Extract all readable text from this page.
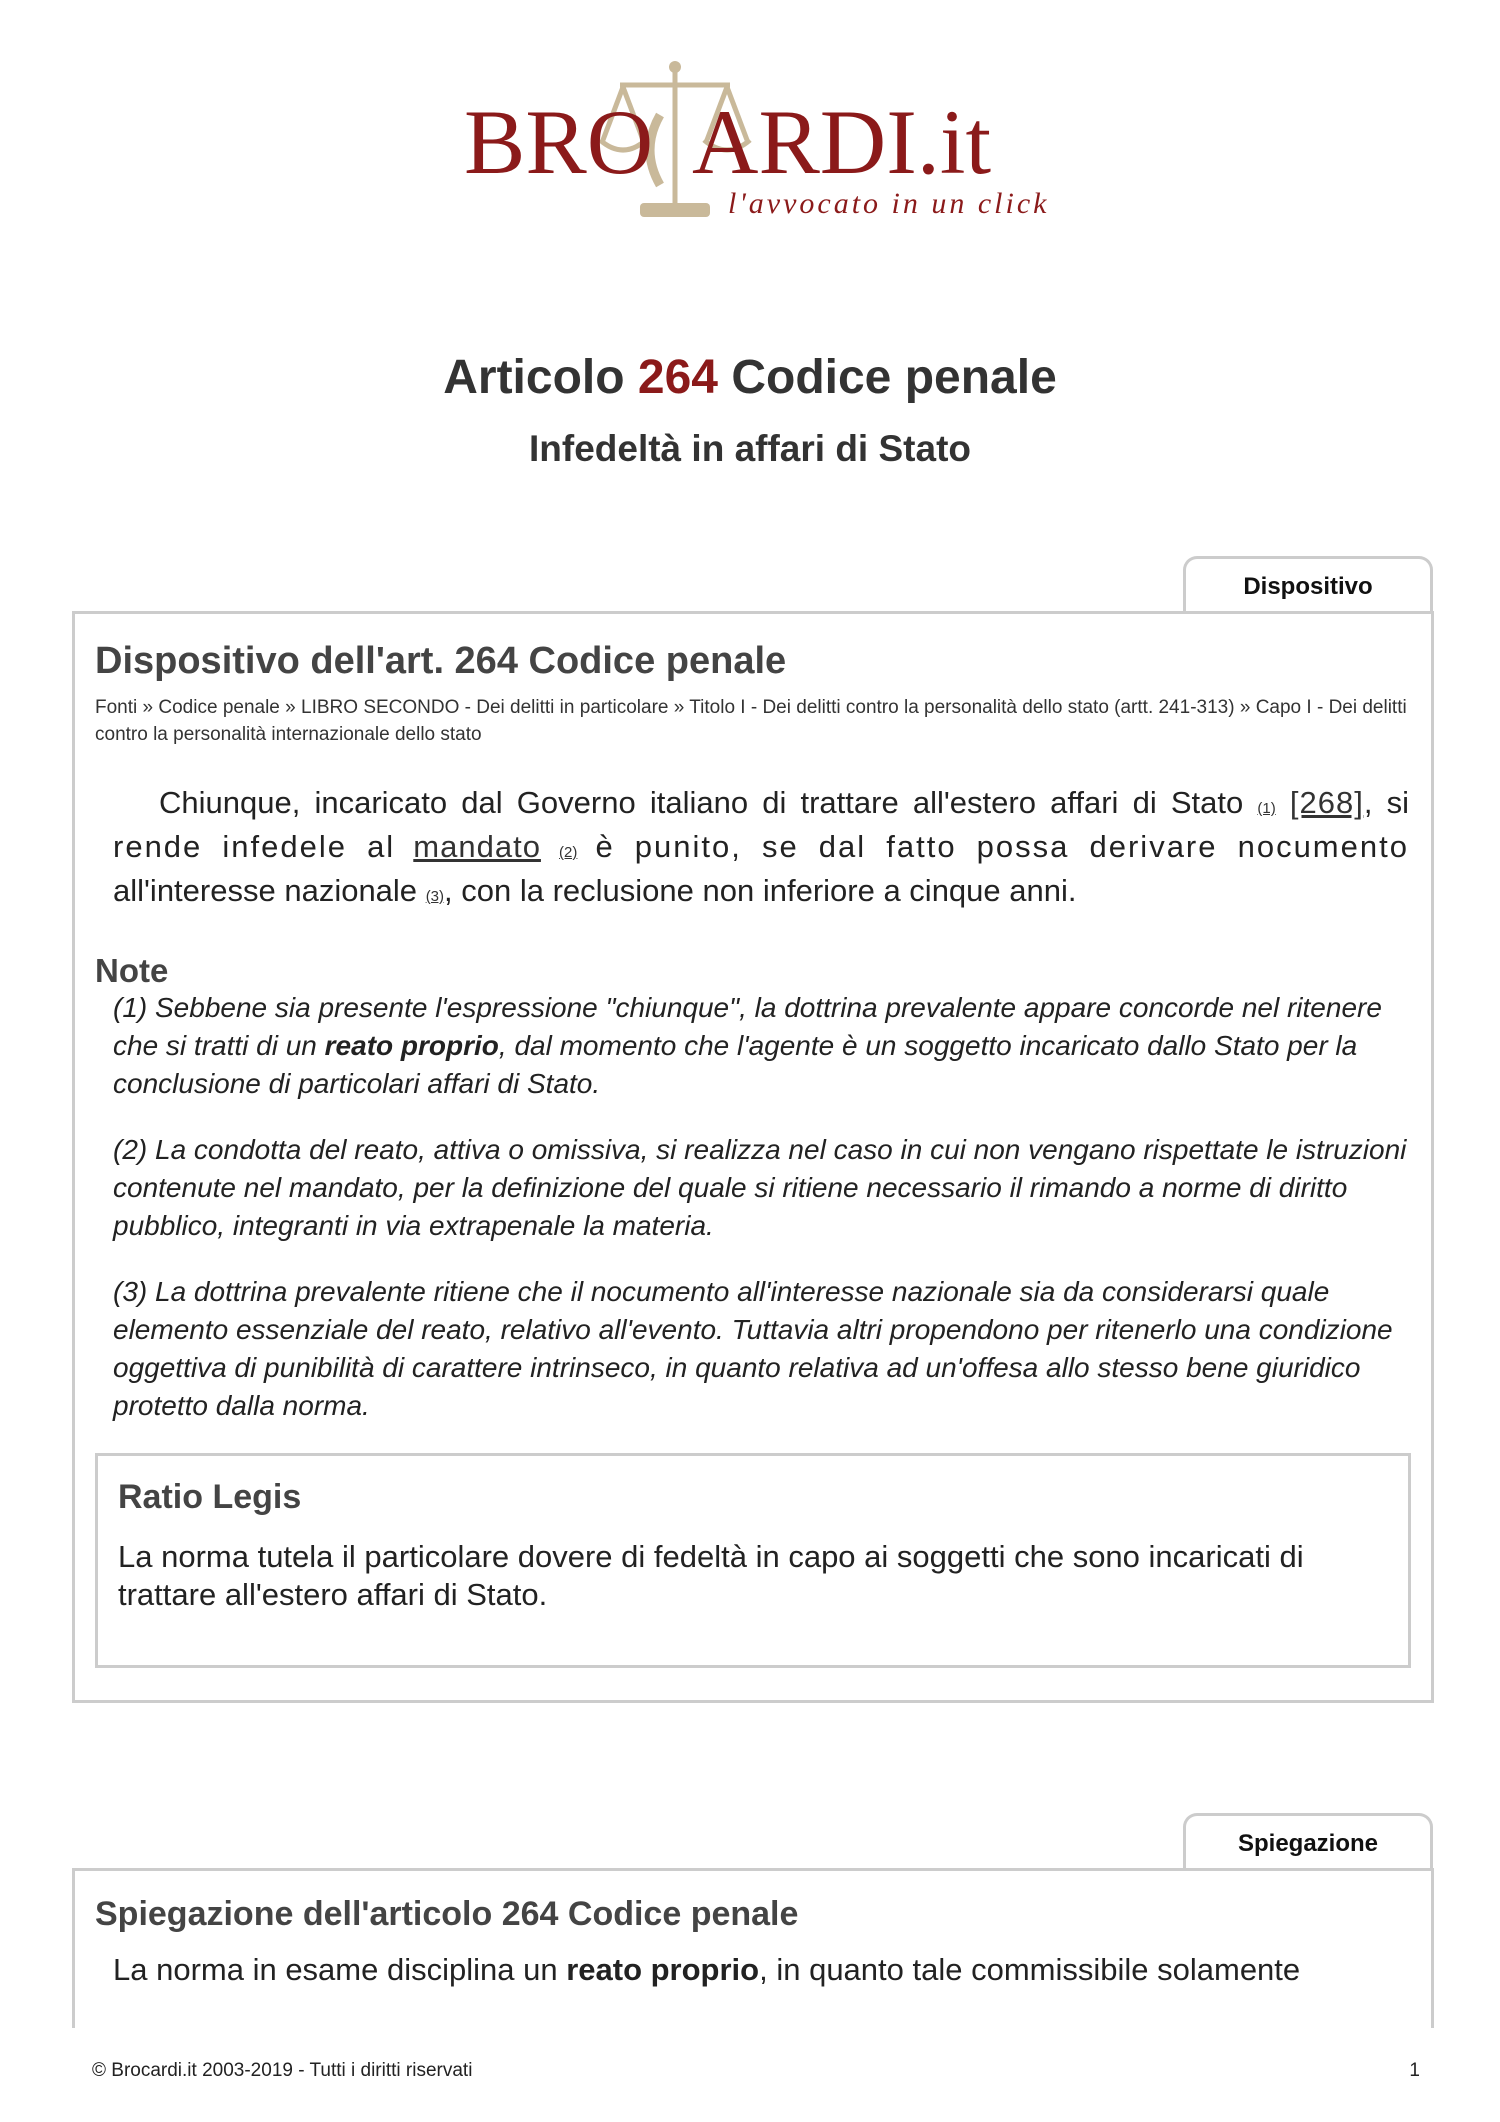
BRO ARDI.it
l'avvocato in un click
Articolo 264 Codice penale
Infedeltà in affari di Stato
Dispositivo
Dispositivo dell'art. 264 Codice penale
Fonti » Codice penale » LIBRO SECONDO - Dei delitti in particolare » Titolo I - Dei delitti contro la personalità dello stato (artt. 241-313) » Capo I - Dei delitti contro la personalità internazionale dello stato

Chiunque, incaricato dal Governo italiano di trattare all'estero affari di Stato (1) [268], si rende infedele al mandato (2) è punito, se dal fatto possa derivare nocumento all'interesse nazionale (3), con la reclusione non inferiore a cinque anni.

Note

(1) Sebbene sia presente l'espressione "chiunque", la dottrina prevalente appare concorde nel ritenere che si tratti di un reato proprio, dal momento che l'agente è un soggetto incaricato dallo Stato per la conclusione di particolari affari di Stato.

(2) La condotta del reato, attiva o omissiva, si realizza nel caso in cui non vengano rispettate le istruzioni contenute nel mandato, per la definizione del quale si ritiene necessario il rimando a norme di diritto pubblico, integranti in via extrapenale la materia.

(3) La dottrina prevalente ritiene che il nocumento all'interesse nazionale sia da considerarsi quale elemento essenziale del reato, relativo all'evento. Tuttavia altri propendono per ritenerlo una condizione oggettiva di punibilità di carattere intrinseco, in quanto relativa ad un'offesa allo stesso bene giuridico protetto dalla norma.

Ratio Legis

La norma tutela il particolare dovere di fedeltà in capo ai soggetti che sono incaricati di trattare all'estero affari di Stato.

Spiegazione
Spiegazione dell'articolo 264 Codice penale

La norma in esame disciplina un reato proprio, in quanto tale commissibile solamente

© Brocardi.it 2003-2019 - Tutti i diritti riservati	1
